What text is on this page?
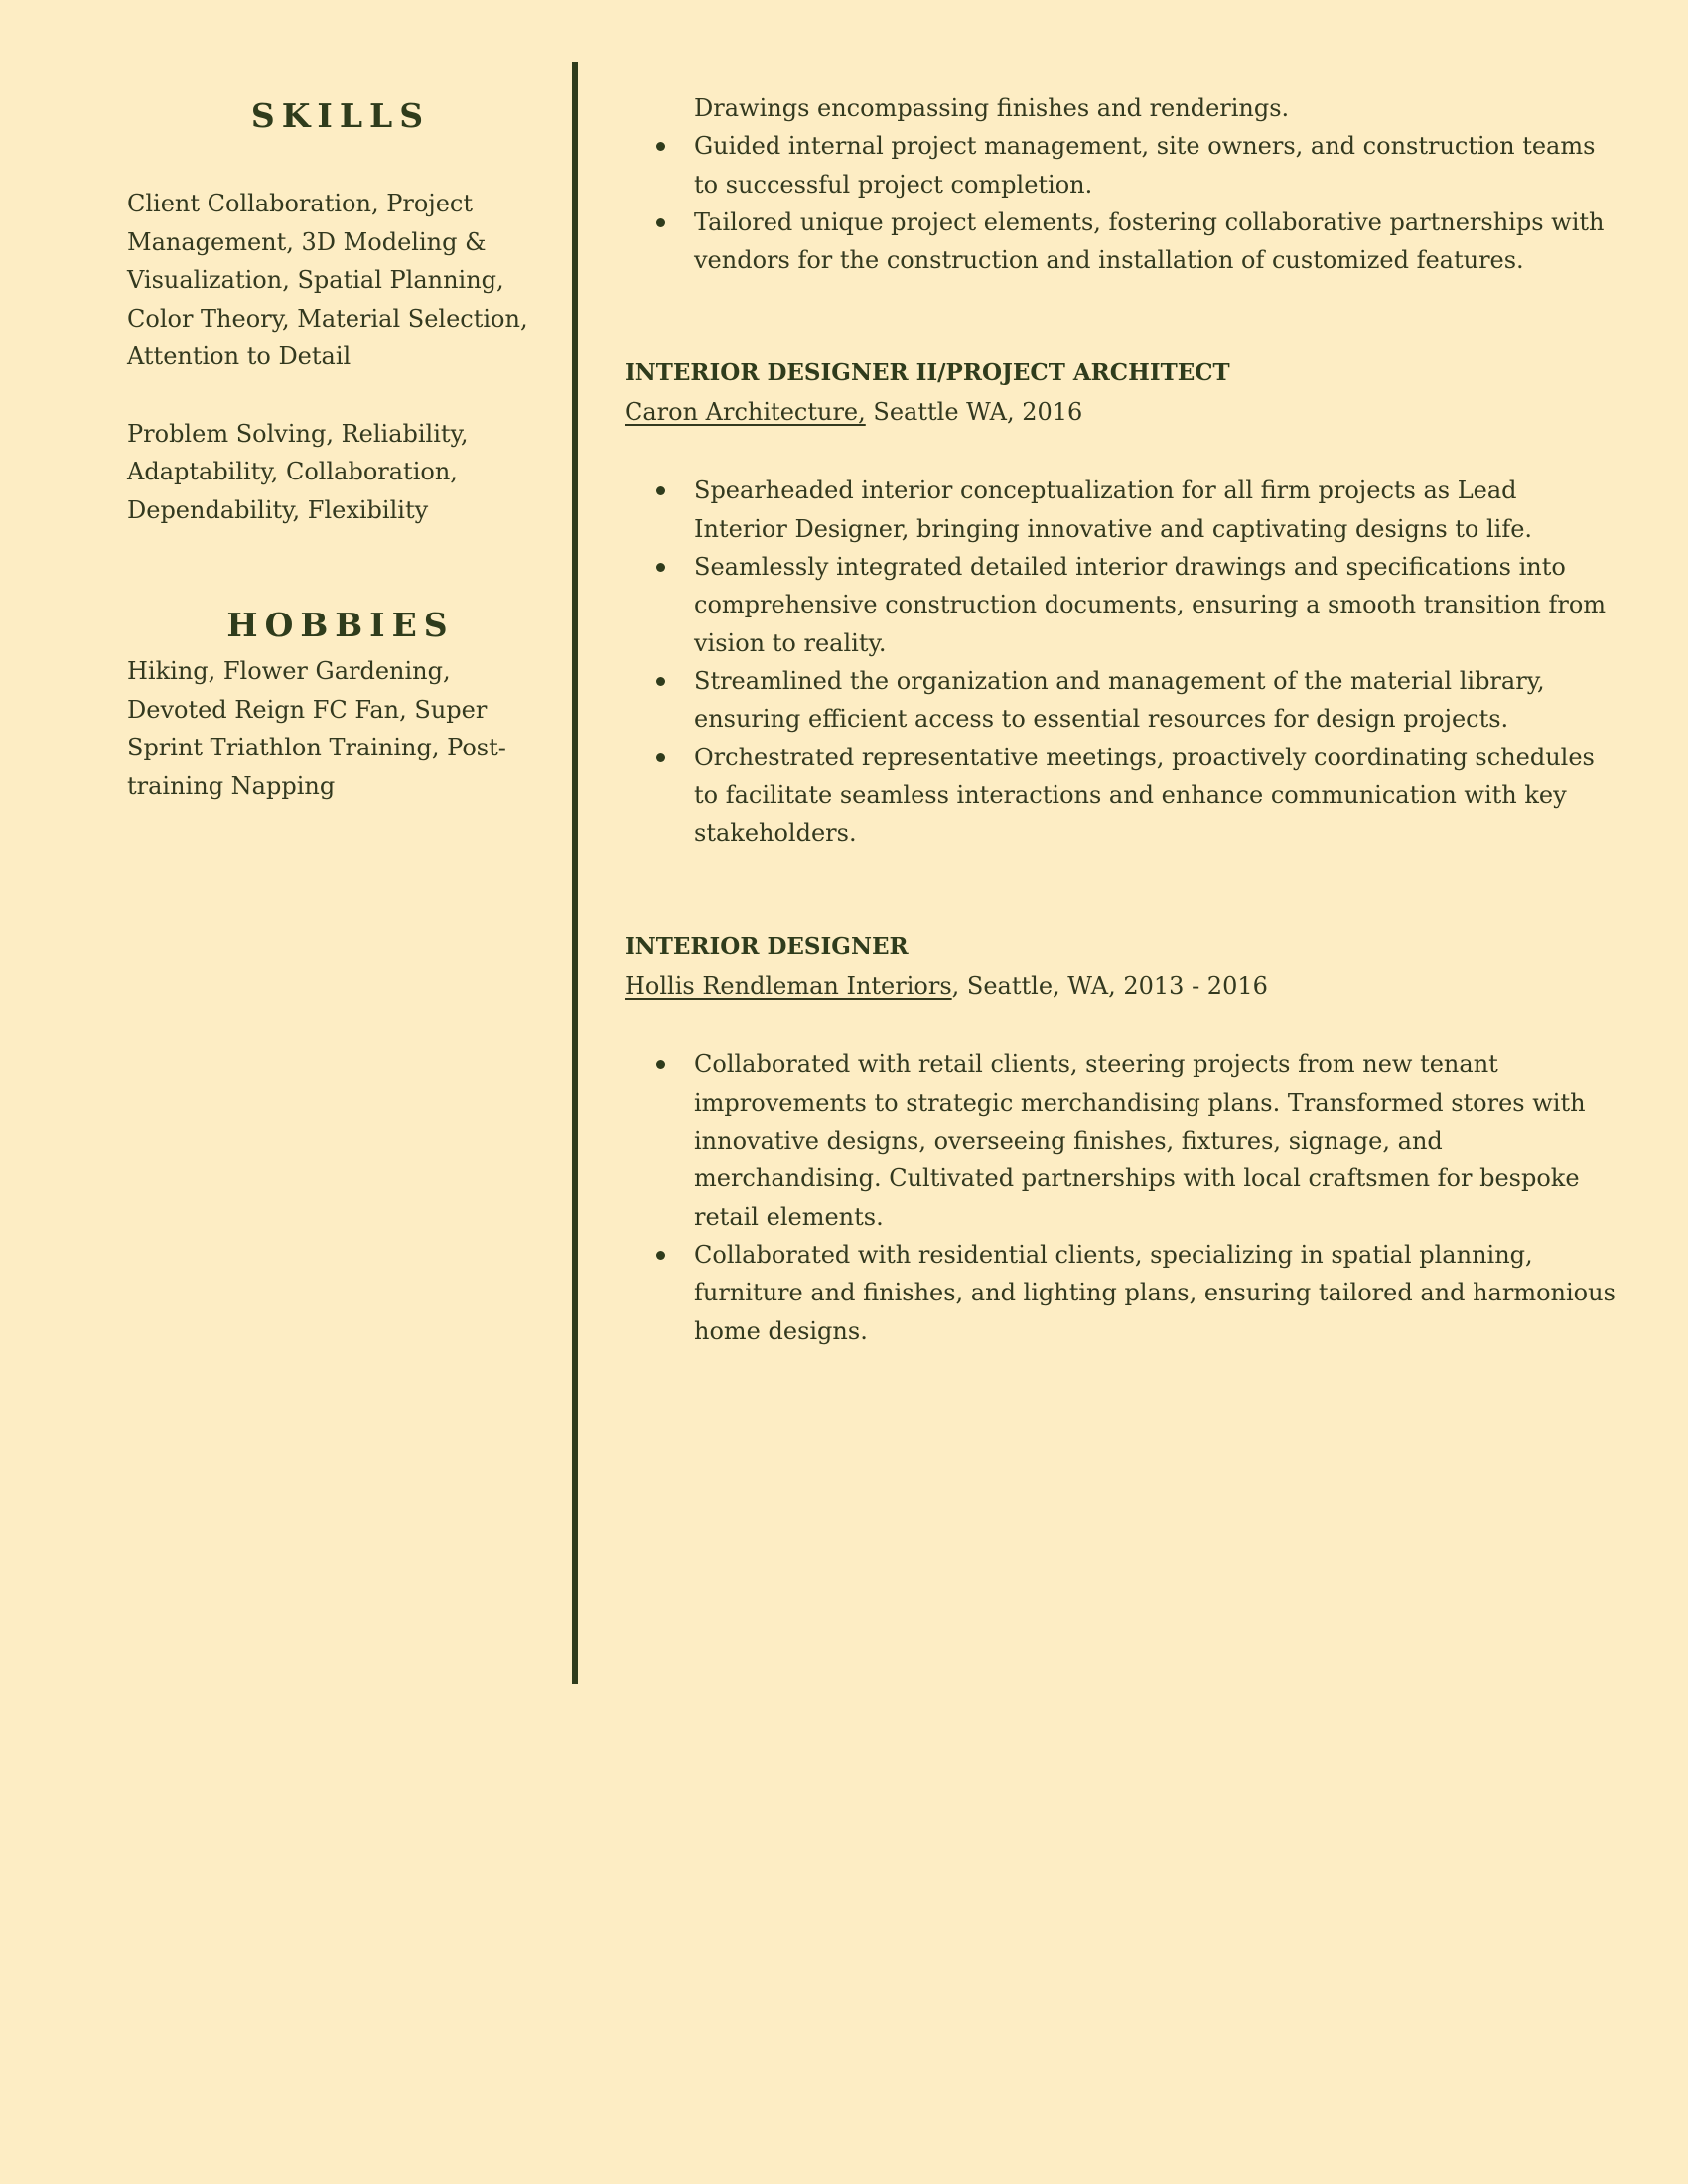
SKILLS

Client Collaboration, Project Management, 3D Modeling & Visualization, Spatial Planning, Color Theory, Material Selection, Attention to Detail

Problem Solving, Reliability, Adaptability, Collaboration, Dependability, Flexibility

HOBBIES

Hiking, Flower Gardening, Devoted Reign FC Fan, Super Sprint Triathlon Training, Post-training Napping

Drawings encompassing finishes and renderings.

Guided internal project management, site owners, and construction teams to successful project completion.
Tailored unique project elements, fostering collaborative partnerships with vendors for the construction and installation of customized features.
INTERIOR DESIGNER II/PROJECT ARCHITECT

Caron Architecture, Seattle WA, 2016

Spearheaded interior conceptualization for all firm projects as Lead Interior Designer, bringing innovative and captivating designs to life.
Seamlessly integrated detailed interior drawings and specifications into comprehensive construction documents, ensuring a smooth transition from vision to reality.
Streamlined the organization and management of the material library, ensuring efficient access to essential resources for design projects.
Orchestrated representative meetings, proactively coordinating schedules to facilitate seamless interactions and enhance communication with key stakeholders.
INTERIOR DESIGNER

Hollis Rendleman Interiors, Seattle, WA, 2013 - 2016

Collaborated with retail clients, steering projects from new tenant improvements to strategic merchandising plans. Transformed stores with innovative designs, overseeing finishes, fixtures, signage, and merchandising. Cultivated partnerships with local craftsmen for bespoke retail elements.
Collaborated with residential clients, specializing in spatial planning, furniture and finishes, and lighting plans, ensuring tailored and harmonious home designs.
